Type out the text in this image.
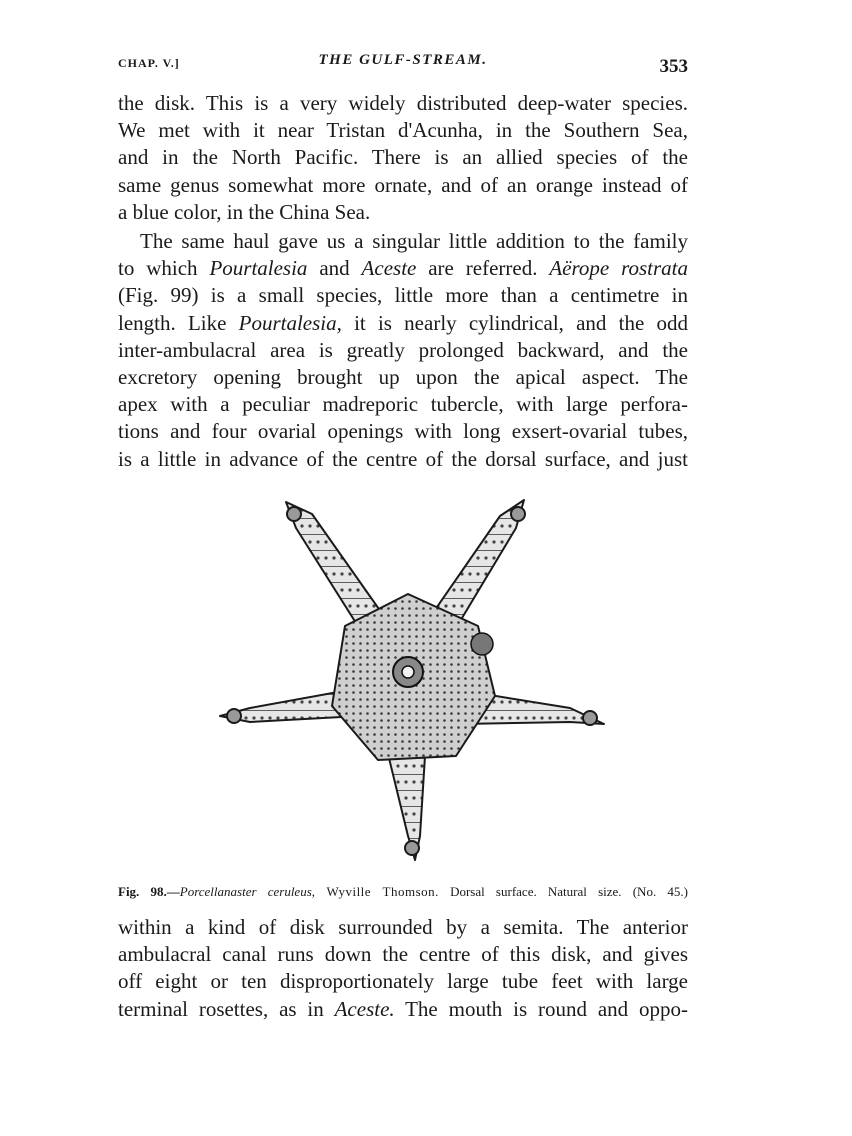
CHAP. V.]	THE GULF-STREAM.	353
the disk. This is a very widely distributed deep-water species.
We met with it near Tristan d'Acunha, in the Southern Sea,
and in the North Pacific. There is an allied species of the
same genus somewhat more ornate, and of an orange instead of
a blue color, in the China Sea.
The same haul gave us a singular little addition to the family
to which Pourtalesia and Aceste are referred. Aërope rostrata
(Fig. 99) is a small species, little more than a centimetre in
length. Like Pourtalesia, it is nearly cylindrical, and the odd
inter-ambulacral area is greatly prolonged backward, and the
excretory opening brought up upon the apical aspect. The
apex with a peculiar madreporic tubercle, with large perfora-
tions and four ovarial openings with long exsert-ovarial tubes,
is a little in advance of the centre of the dorsal surface, and just
Fig. 98.—Porcellanaster ceruleus, Wyville Thomson. Dorsal surface. Natural size. (No. 45.)
within a kind of disk surrounded by a semita. The anterior
ambulacral canal runs down the centre of this disk, and gives
off eight or ten disproportionately large tube feet with large
terminal rosettes, as in Aceste. The mouth is round and oppo-
